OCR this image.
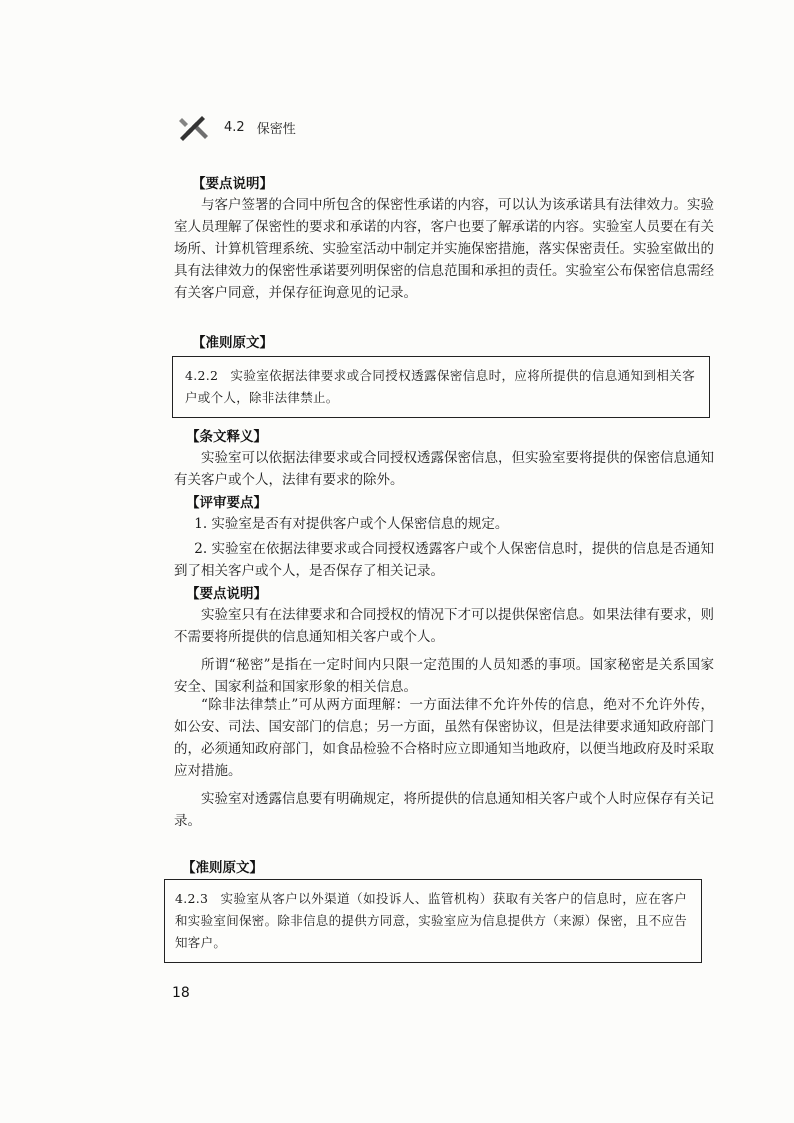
4.2 保密性
【要点说明】

与客户签署的合同中所包含的保密性承诺的内容，可以认为该承诺具有法律效力。实验室人员理解了保密性的要求和承诺的内容，客户也要了解承诺的内容。实验室人员要在有关场所、计算机管理系统、实验室活动中制定并实施保密措施，落实保密责任。实验室做出的具有法律效力的保密性承诺要列明保密的信息范围和承担的责任。实验室公布保密信息需经有关客户同意，并保存征询意见的记录。

【准则原文】

4.2.2 实验室依据法律要求或合同授权透露保密信息时，应将所提供的信息通知到相关客户或个人，除非法律禁止。

【条文释义】

实验室可以依据法律要求或合同授权透露保密信息，但实验室要将提供的保密信息通知有关客户或个人，法律有要求的除外。

【评审要点】

1. 实验室是否有对提供客户或个人保密信息的规定。

2. 实验室在依据法律要求或合同授权透露客户或个人保密信息时，提供的信息是否通知到了相关客户或个人，是否保存了相关记录。

【要点说明】

实验室只有在法律要求和合同授权的情况下才可以提供保密信息。如果法律有要求，则不需要将所提供的信息通知相关客户或个人。

所谓“秘密”是指在一定时间内只限一定范围的人员知悉的事项。国家秘密是关系国家安全、国家利益和国家形象的相关信息。

“除非法律禁止”可从两方面理解：一方面法律不允许外传的信息，绝对不允许外传，如公安、司法、国安部门的信息；另一方面，虽然有保密协议，但是法律要求通知政府部门的，必须通知政府部门，如食品检验不合格时应立即通知当地政府，以便当地政府及时采取应对措施。

实验室对透露信息要有明确规定，将所提供的信息通知相关客户或个人时应保存有关记录。

【准则原文】

4.2.3 实验室从客户以外渠道（如投诉人、监管机构）获取有关客户的信息时，应在客户和实验室间保密。除非信息的提供方同意，实验室应为信息提供方（来源）保密，且不应告知客户。

18
